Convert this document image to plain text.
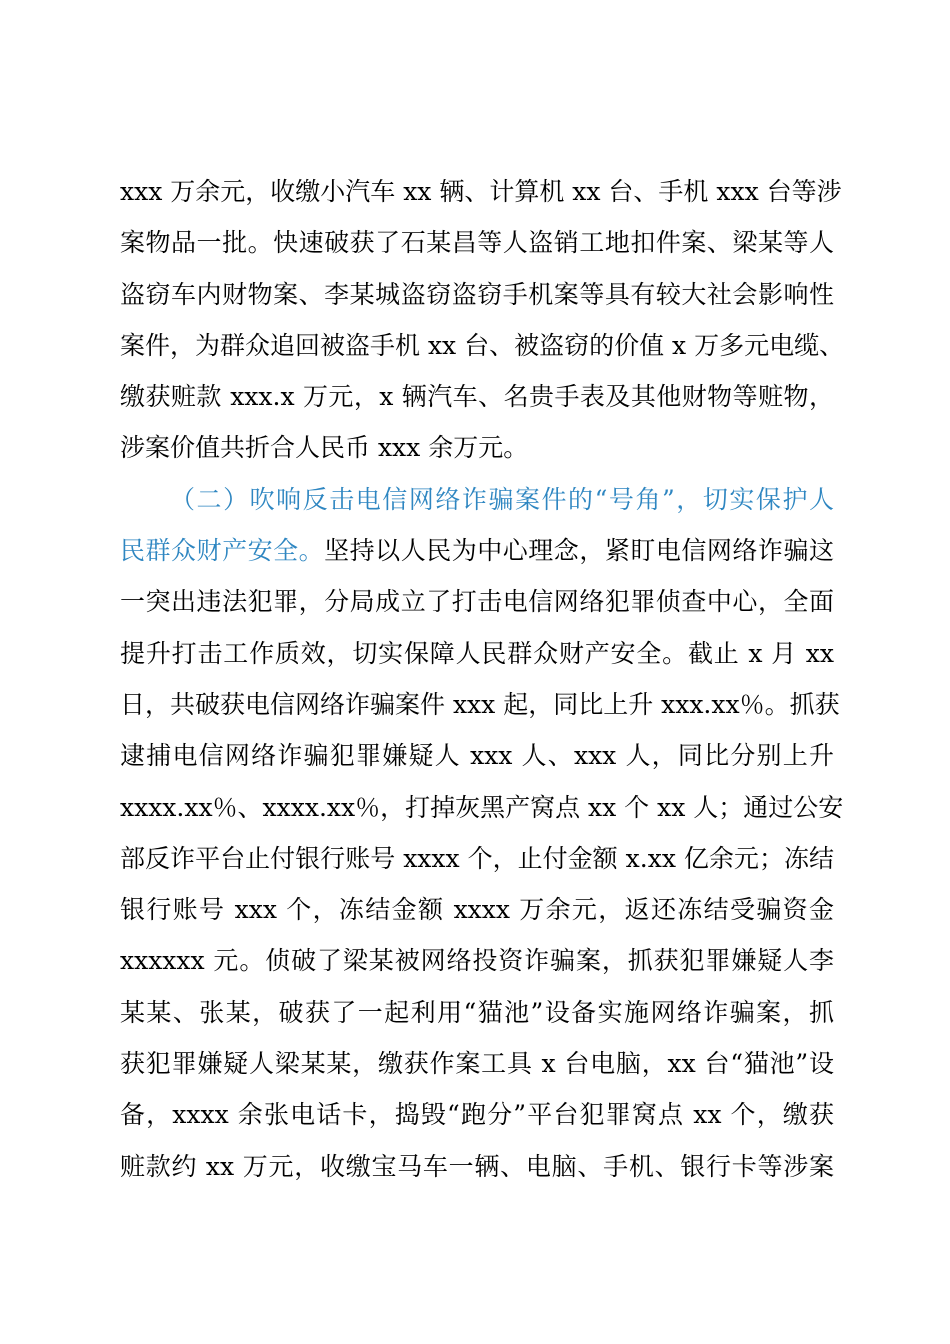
xxx 万余元，收缴小汽车 xx 辆、计算机 xx 台、手机 xxx 台等涉
案物品一批。快速破获了石某昌等人盗销工地扣件案、梁某等人
盗窃车内财物案、李某城盗窃盗窃手机案等具有较大社会影响性
案件，为群众追回被盗手机 xx 台、被盗窃的价值 x 万多元电缆、
缴获赃款 xxx.x 万元，x 辆汽车、名贵手表及其他财物等赃物，
涉案价值共折合人民币 xxx 余万元。
（二）吹响反击电信网络诈骗案件的“号角”，切实保护人
民群众财产安全。坚持以人民为中心理念，紧盯电信网络诈骗这
一突出违法犯罪，分局成立了打击电信网络犯罪侦查中心，全面
提升打击工作质效，切实保障人民群众财产安全。截止 x 月 xx
日，共破获电信网络诈骗案件 xxx 起，同比上升 xxx.xx％。抓获
逮捕电信网络诈骗犯罪嫌疑人 xxx 人、xxx 人，同比分别上升
xxxx.xx％、xxxx.xx％，打掉灰黑产窝点 xx 个 xx 人；通过公安
部反诈平台止付银行账号 xxxx 个，止付金额 x.xx 亿余元；冻结
银行账号 xxx 个，冻结金额 xxxx 万余元，返还冻结受骗资金
xxxxxx 元。侦破了梁某被网络投资诈骗案，抓获犯罪嫌疑人李
某某、张某，破获了一起利用“猫池”设备实施网络诈骗案，抓
获犯罪嫌疑人梁某某，缴获作案工具 x 台电脑，xx 台“猫池”设
备，xxxx 余张电话卡，捣毁“跑分”平台犯罪窝点 xx 个，缴获
赃款约 xx 万元，收缴宝马车一辆、电脑、手机、银行卡等涉案
